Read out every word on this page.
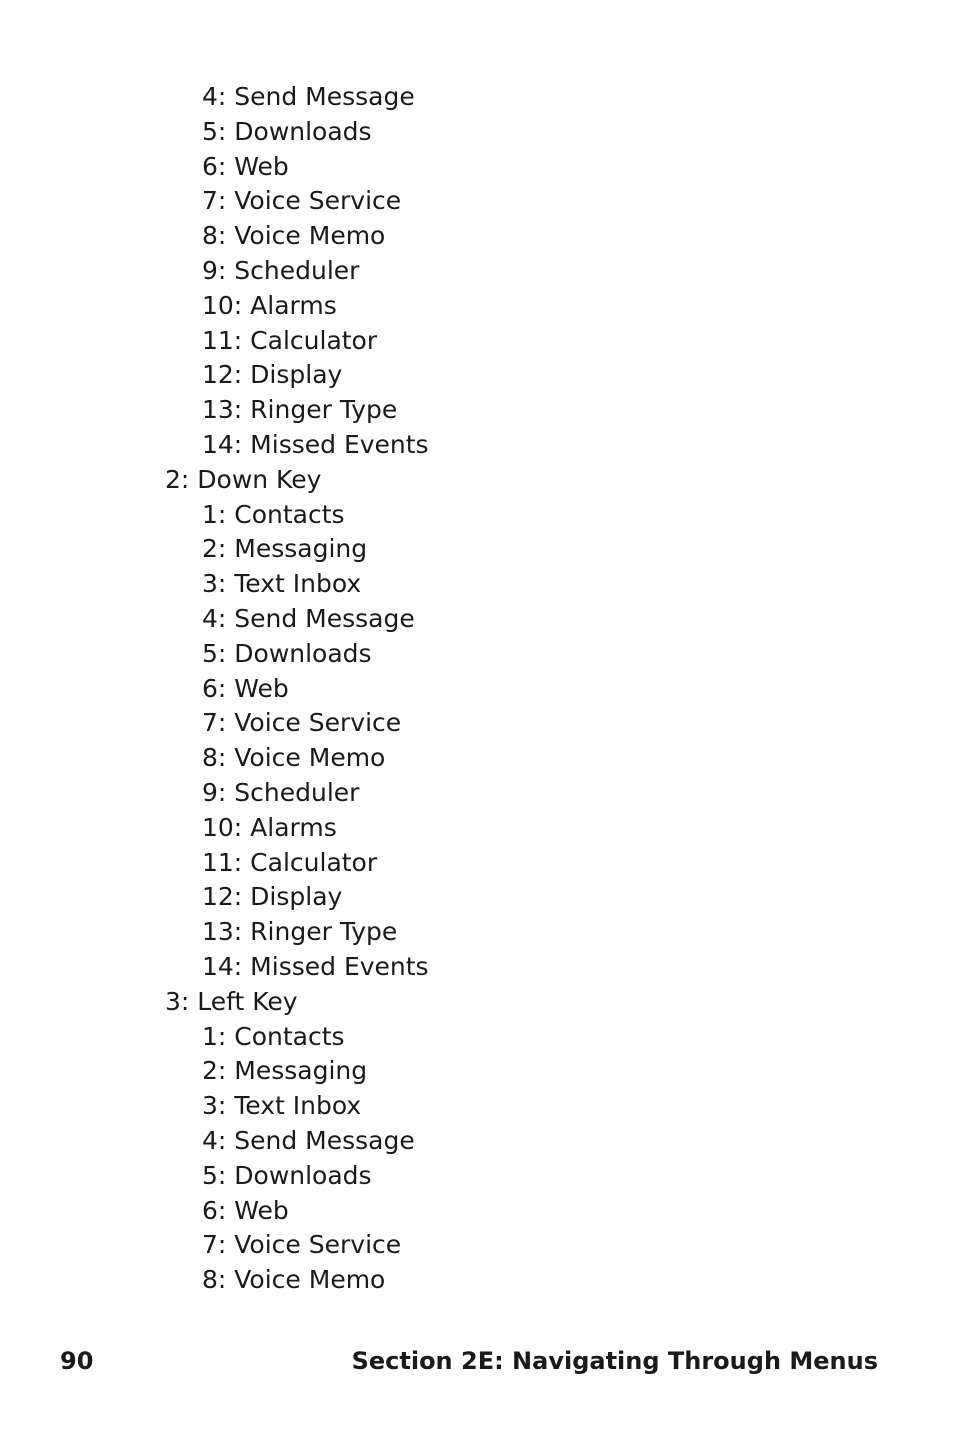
4: Send Message
5: Downloads
6: Web
7: Voice Service
8: Voice Memo
9: Scheduler
10: Alarms
11: Calculator
12: Display
13: Ringer Type
14: Missed Events
2: Down Key
1: Contacts
2: Messaging
3: Text Inbox
4: Send Message
5: Downloads
6: Web
7: Voice Service
8: Voice Memo
9: Scheduler
10: Alarms
11: Calculator
12: Display
13: Ringer Type
14: Missed Events
3: Left Key
1: Contacts
2: Messaging
3: Text Inbox
4: Send Message
5: Downloads
6: Web
7: Voice Service
8: Voice Memo
90	Section 2E: Navigating Through Menus
